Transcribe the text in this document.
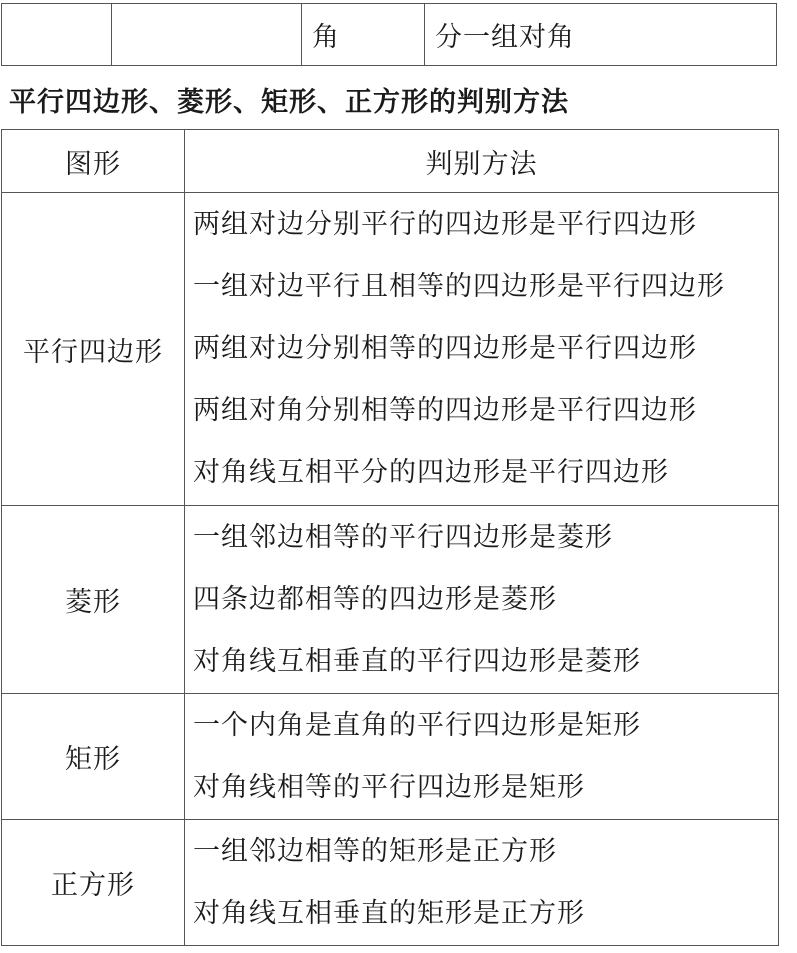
		角	分一组对角
平行四边形、菱形、矩形、正方形的判别方法
图形	判别方法
平行四边形	两组对边分别平行的四边形是平行四边形
一组对边平行且相等的四边形是平行四边形
两组对边分别相等的四边形是平行四边形
两组对角分别相等的四边形是平行四边形
对角线互相平分的四边形是平行四边形

菱形	一组邻边相等的平行四边形是菱形
四条边都相等的四边形是菱形
对角线互相垂直的平行四边形是菱形

矩形	一个内角是直角的平行四边形是矩形
对角线相等的平行四边形是矩形

正方形	一组邻边相等的矩形是正方形
对角线互相垂直的矩形是正方形
